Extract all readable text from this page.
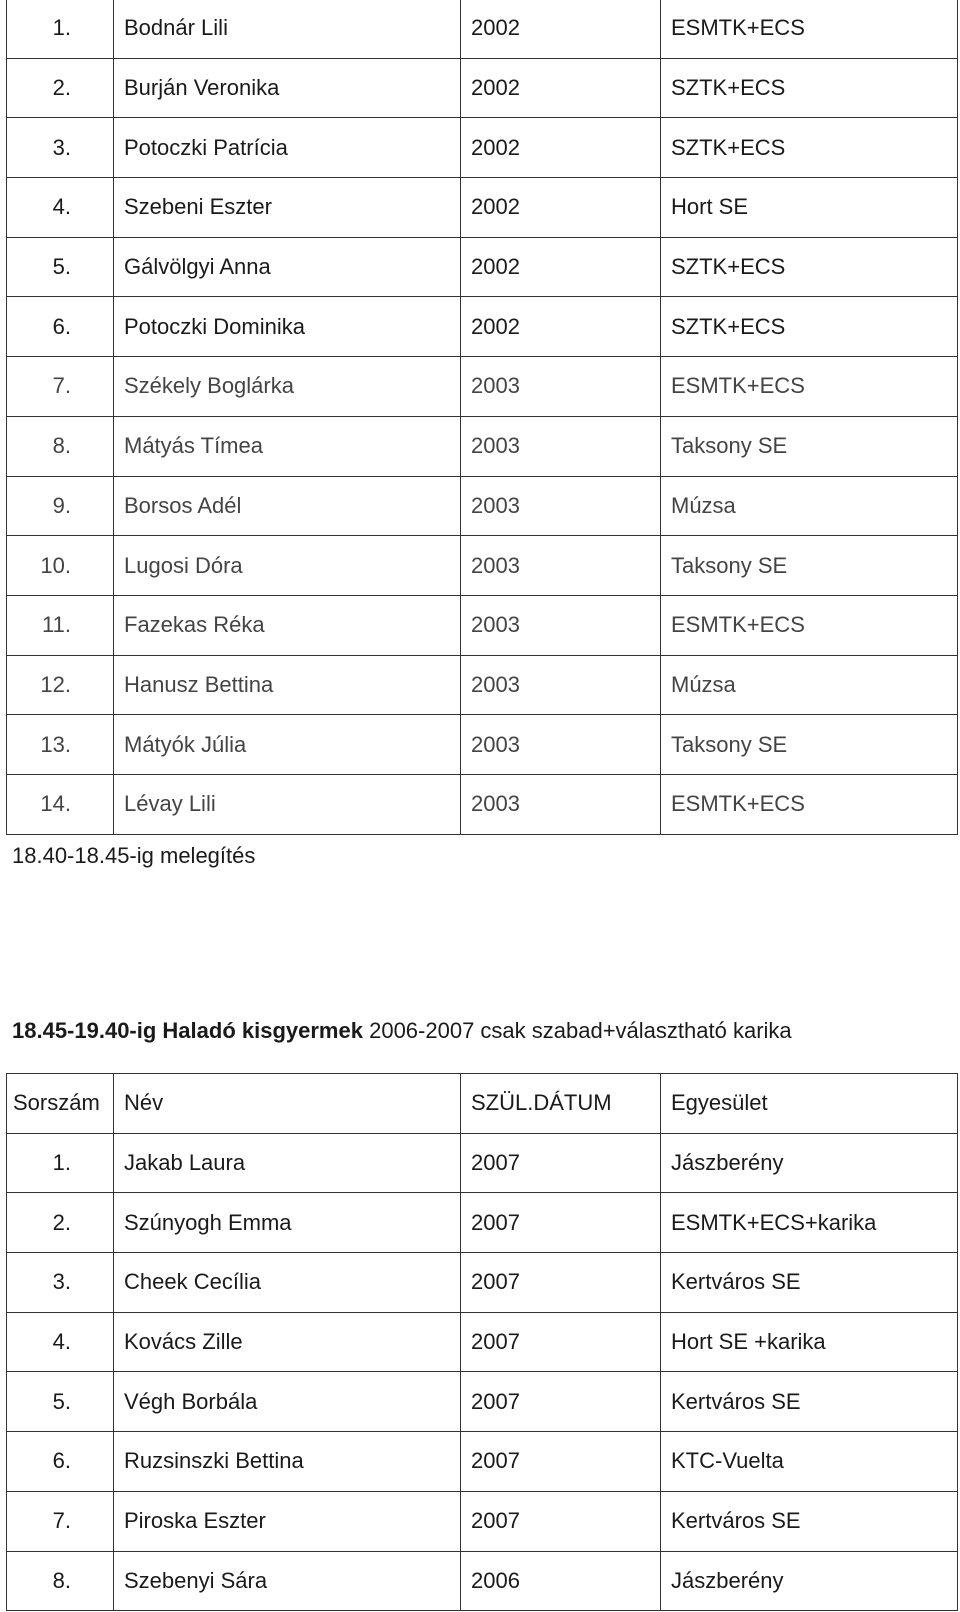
1.	Bodnár Lili	2002	ESMTK+ECS
2.	Burján Veronika	2002	SZTK+ECS
3.	Potoczki Patrícia	2002	SZTK+ECS
4.	Szebeni Eszter	2002	Hort SE
5.	Gálvölgyi Anna	2002	SZTK+ECS
6.	Potoczki Dominika	2002	SZTK+ECS
7.	Székely Boglárka	2003	ESMTK+ECS
8.	Mátyás Tímea	2003	Taksony SE
9.	Borsos Adél	2003	Múzsa
10.	Lugosi Dóra	2003	Taksony SE
11.	Fazekas Réka	2003	ESMTK+ECS
12.	Hanusz Bettina	2003	Múzsa
13.	Mátyók Júlia	2003	Taksony SE
14.	Lévay Lili	2003	ESMTK+ECS
18.40-18.45-ig melegítés
18.45-19.40-ig Haladó kisgyermek 2006-2007 csak szabad+választható karika
Sorszám	Név	SZÜL.DÁTUM	Egyesület
1.	Jakab Laura	2007	Jászberény
2.	Szúnyogh Emma	2007	ESMTK+ECS+karika
3.	Cheek Cecília	2007	Kertváros SE
4.	Kovács Zille	2007	Hort SE +karika
5.	Végh Borbála	2007	Kertváros SE
6.	Ruzsinszki Bettina	2007	KTC-Vuelta
7.	Piroska Eszter	2007	Kertváros SE
8.	Szebenyi Sára	2006	Jászberény
